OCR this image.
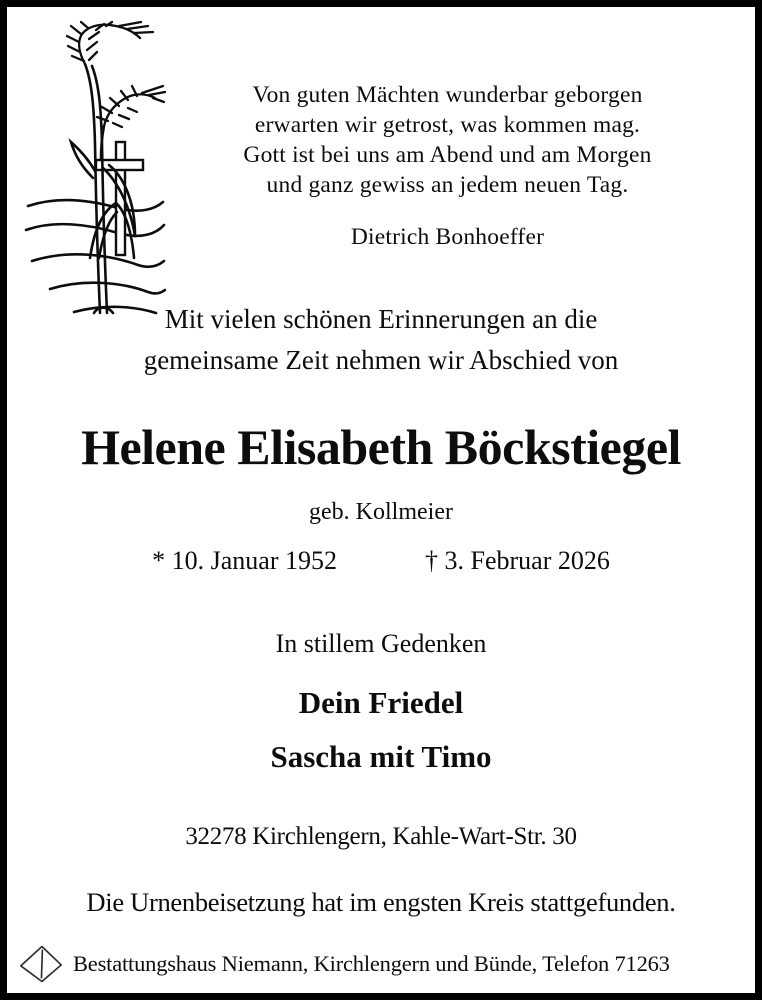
Von guten Mächten wunderbar geborgen
erwarten wir getrost, was kommen mag.
Gott ist bei uns am Abend und am Morgen
und ganz gewiss an jedem neuen Tag.
Dietrich Bonhoeffer
Mit vielen schönen Erinnerungen an die
gemeinsame Zeit nehmen wir Abschied von
Helene Elisabeth Böckstiegel
geb. Kollmeier
* 10. Januar 1952	† 3. Februar 2026
In stillem Gedenken
Dein Friedel
Sascha mit Timo
32278 Kirchlengern, Kahle-Wart-Str. 30
Die Urnenbeisetzung hat im engsten Kreis stattgefunden.
Bestattungshaus Niemann, Kirchlengern und Bünde, Telefon 71263
